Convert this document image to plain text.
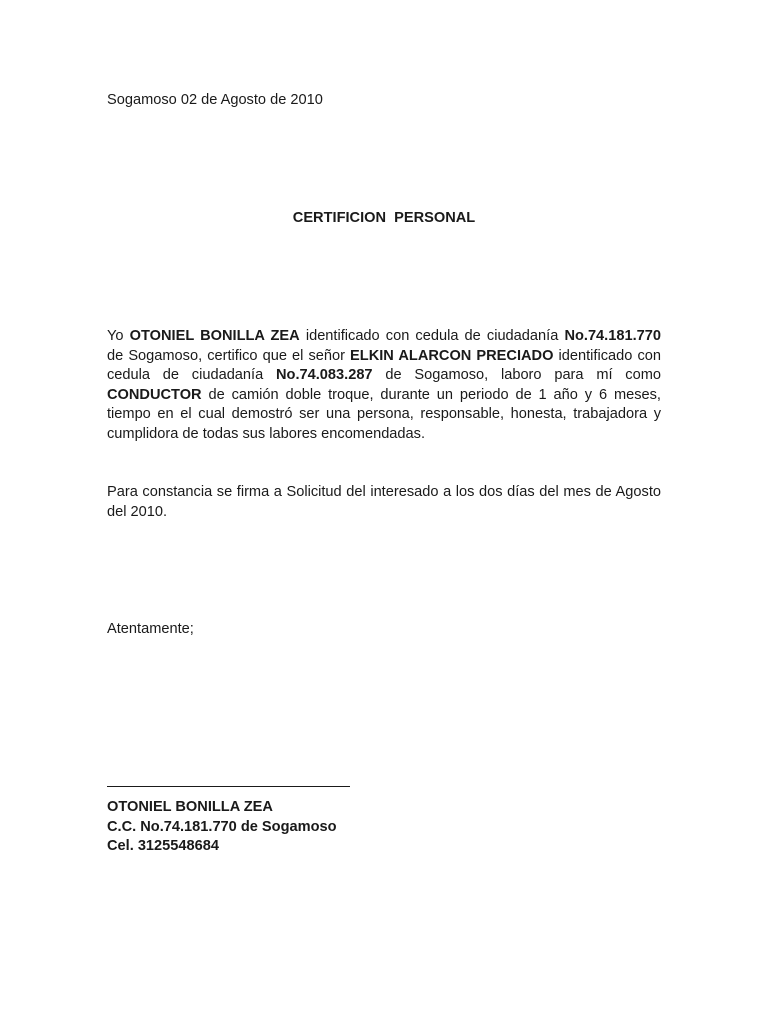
Sogamoso 02 de Agosto de 2010
CERTIFICION  PERSONAL
Yo OTONIEL BONILLA ZEA identificado con cedula de ciudadanía No.74.181.770 de Sogamoso, certifico que el señor ELKIN ALARCON PRECIADO identificado con cedula de ciudadanía No.74.083.287 de Sogamoso, laboro para mí como CONDUCTOR de camión doble troque, durante un periodo de 1 año y 6 meses, tiempo en el cual demostró ser una persona, responsable, honesta, trabajadora y cumplidora de todas sus labores encomendadas.
Para constancia se firma a Solicitud del interesado a los dos días del mes de Agosto del 2010.
Atentamente;
OTONIEL BONILLA ZEA
C.C. No.74.181.770 de Sogamoso
Cel. 3125548684
